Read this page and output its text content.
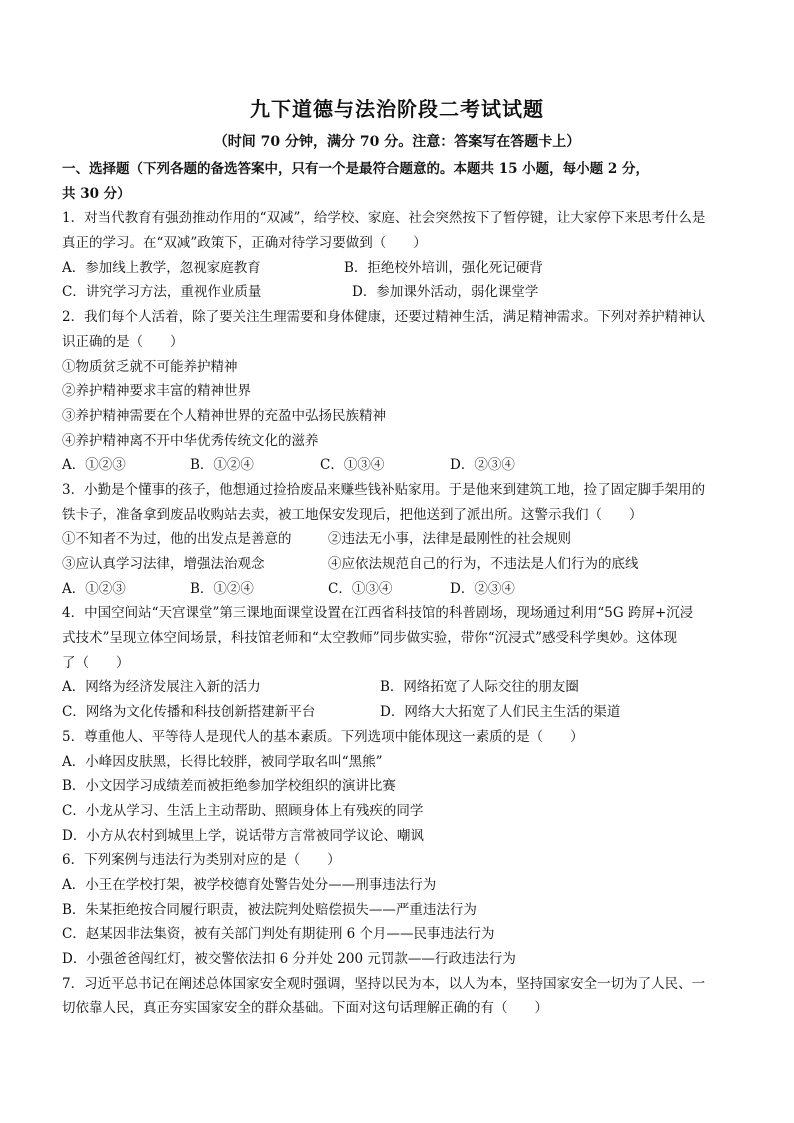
九下道德与法治阶段二考试试题
（时间 70 分钟，满分 70 分。注意：答案写在答题卡上）
一、选择题（下列各题的备选答案中，只有一个是最符合题意的。本题共 15 小题，每小题 2 分，
共 30 分）
1．对当代教育有强劲推动作用的“双减”，给学校、家庭、社会突然按下了暂停键，让大家停下来思考什么是
真正的学习。在“双减”政策下，正确对待学习要做到（　　）
A．参加线上教学，忽视家庭教育	B．拒绝校外培训，强化死记硬背
C．讲究学习方法，重视作业质量	D．参加课外活动，弱化课堂学
2．我们每个人活着，除了要关注生理需要和身体健康，还要过精神生活，满足精神需求。下列对养护精神认
识正确的是（　　）
①物质贫乏就不可能养护精神
②养护精神要求丰富的精神世界
③养护精神需要在个人精神世界的充盈中弘扬民族精神
④养护精神离不开中华优秀传统文化的滋养
A．①②③	B．①②④	C．①③④	D．②③④
3．小勤是个懂事的孩子，他想通过捡拾废品来赚些钱补贴家用。于是他来到建筑工地，捡了固定脚手架用的
铁卡子，准备拿到废品收购站去卖，被工地保安发现后，把他送到了派出所。这警示我们（　　）
①不知者不为过，他的出发点是善意的	②违法无小事，法律是最刚性的社会规则
③应认真学习法律，增强法治观念	④应依法规范自己的行为，不违法是人们行为的底线
A．①②③	B．①②④	C．①③④	D．②③④
4．中国空间站“天宫课堂”第三课地面课堂设置在江西省科技馆的科普剧场，现场通过利用“5G 跨屏+沉浸
式技术”呈现立体空间场景，科技馆老师和“太空教师”同步做实验，带你“沉浸式”感受科学奥妙。这体现
了（　　）
A．网络为经济发展注入新的活力	B．网络拓宽了人际交往的朋友圈
C．网络为文化传播和科技创新搭建新平台	D．网络大大拓宽了人们民主生活的渠道
5．尊重他人、平等待人是现代人的基本素质。下列选项中能体现这一素质的是（　　）
A．小峰因皮肤黑，长得比较胖，被同学取名叫“黑熊”
B．小文因学习成绩差而被拒绝参加学校组织的演讲比赛
C．小龙从学习、生活上主动帮助、照顾身体上有残疾的同学
D．小方从农村到城里上学，说话带方言常被同学议论、嘲讽
6．下列案例与违法行为类别对应的是（　　）
A．小王在学校打架，被学校德育处警告处分——刑事违法行为
B．朱某拒绝按合同履行职责，被法院判处赔偿损失——严重违法行为
C．赵某因非法集资，被有关部门判处有期徒刑 6 个月——民事违法行为
D．小强爸爸闯红灯，被交警依法扣 6 分并处 200 元罚款——行政违法行为
7．习近平总书记在阐述总体国家安全观时强调，坚持以民为本，以人为本，坚持国家安全一切为了人民、一
切依靠人民，真正夯实国家安全的群众基础。下面对这句话理解正确的有（　　）
